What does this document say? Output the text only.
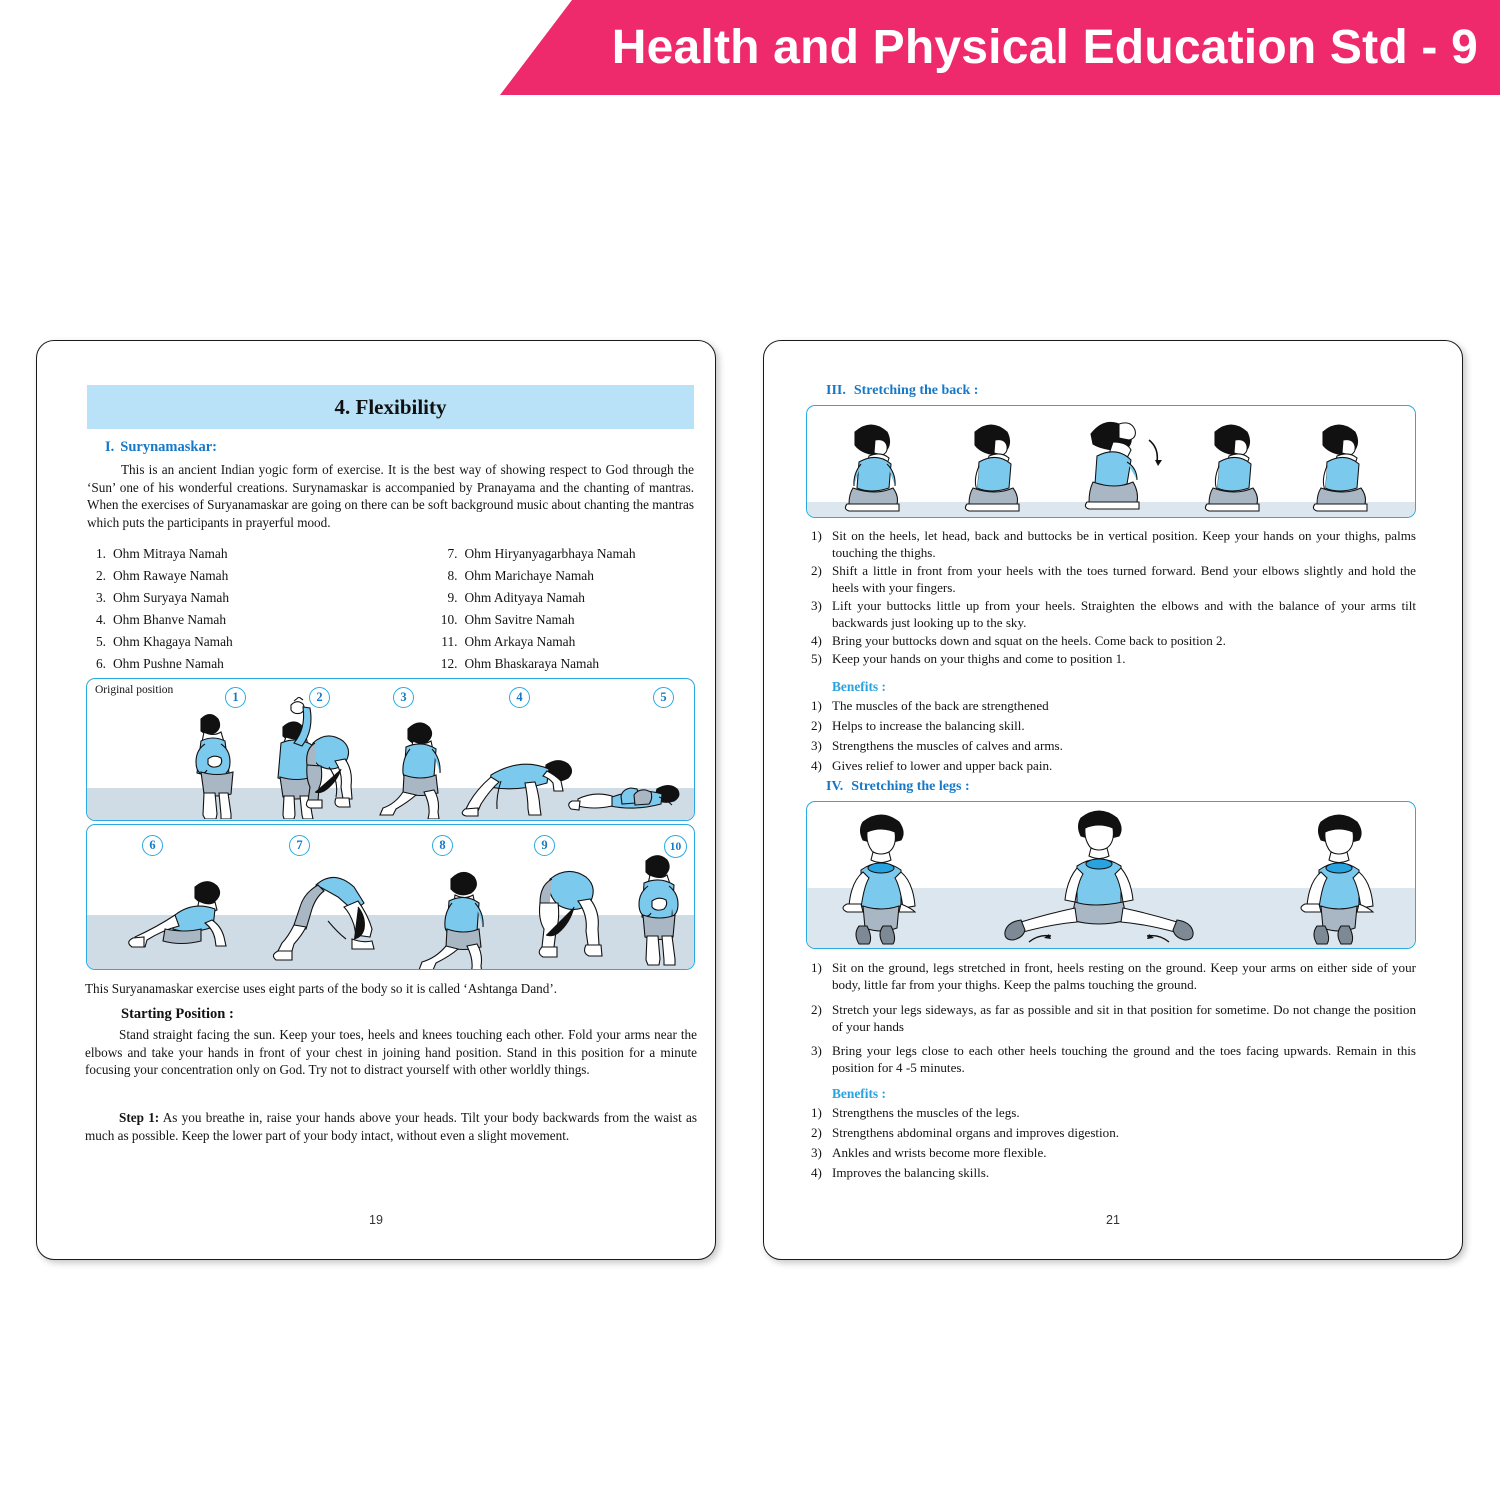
Health and Physical Education Std - 9
4. Flexibility
I. Surynamaskar:
This is an ancient Indian yogic form of exercise. It is the best way of showing respect to God through the ‘Sun’ one of his wonderful creations. Surynamaskar is accompanied by Pranayama and the chanting of mantras. When the exercises of Suryanamaskar are going on there can be soft background music about chanting the mantras which puts the participants in prayerful mood.
1. Ohm Mitraya Namah
2. Ohm Rawaye Namah
3. Ohm Suryaya Namah
4. Ohm Bhanve Namah
5. Ohm Khagaya Namah
6. Ohm Pushne Namah
7. Ohm Hiryanyagarbhaya Namah
8. Ohm Marichaye Namah
9. Ohm Adityaya Namah
10. Ohm Savitre Namah
11. Ohm Arkaya Namah
12. Ohm Bhaskaraya Namah
Original position	1	2	3	4	5
6	7	8	9	10
This Suryanamaskar exercise uses eight parts of the body so it is called ‘Ashtanga Dand’.
Starting Position :
Stand straight facing the sun. Keep your toes, heels and knees touching each other. Fold your arms near the elbows and take your hands in front of your chest in joining hand position. Stand in this position for a minute focusing your concentration only on God. Try not to distract yourself with other worldly things.
Step 1: As you breathe in, raise your hands above your heads. Tilt your body backwards from the waist as much as possible. Keep the lower part of your body intact, without even a slight movement.
19
III. Stretching the back :
1) Sit on the heels, let head, back and buttocks be in vertical position. Keep your hands on your thighs, palms touching the thighs.
2) Shift a little in front from your heels with the toes turned forward. Bend your elbows slightly and hold the heels with your fingers.
3) Lift your buttocks little up from your heels. Straighten the elbows and with the balance of your arms tilt backwards just looking up to the sky.
4) Bring your buttocks down and squat on the heels. Come back to position 2.
5) Keep your hands on your thighs and come to position 1.
Benefits :
1) The muscles of the back are strengthened
2) Helps to increase the balancing skill.
3) Strengthens the muscles of calves and arms.
4) Gives relief to lower and upper back pain.
IV. Stretching the legs :
1) Sit on the ground, legs stretched in front, heels resting on the ground. Keep your arms on either side of your body, little far from your thighs. Keep the palms touching the ground.
2) Stretch your legs sideways, as far as possible and sit in that position for sometime. Do not change the position of your hands
3) Bring your legs close to each other heels touching the ground and the toes facing upwards. Remain in this position for 4 -5 minutes.
Benefits :
1) Strengthens the muscles of the legs.
2) Strengthens abdominal organs and improves digestion.
3) Ankles and wrists become more flexible.
4) Improves the balancing skills.
21
